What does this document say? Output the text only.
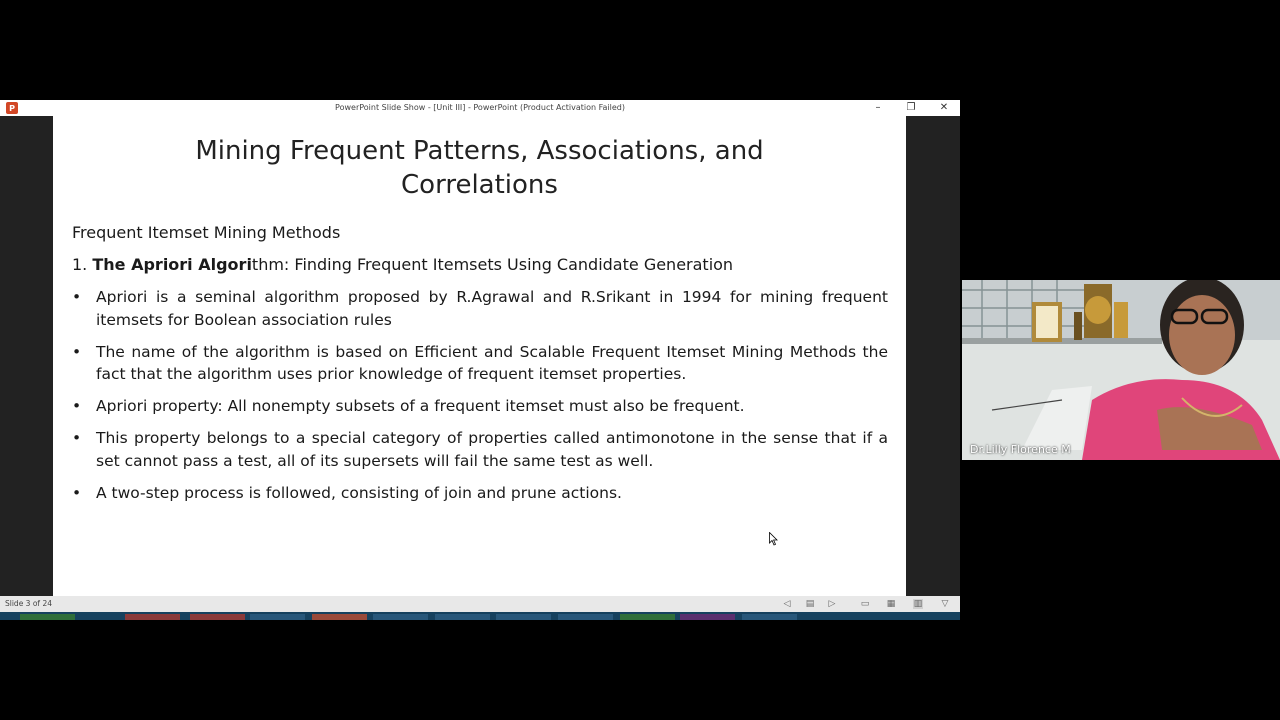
P	PowerPoint Slide Show - [Unit III] - PowerPoint (Product Activation Failed)	–	❐	✕
Mining Frequent Patterns, Associations, and
Correlations
Frequent Itemset Mining Methods
1. The Apriori Algorithm: Finding Frequent Itemsets Using Candidate Generation
• Apriori is a seminal algorithm proposed by R.Agrawal and R.Srikant in 1994 for mining frequent itemsets for Boolean association rules
• The name of the algorithm is based on Efficient and Scalable Frequent Itemset Mining Methods the fact that the algorithm uses prior knowledge of frequent itemset properties.
• Apriori property: All nonempty subsets of a frequent itemset must also be frequent.
• This property belongs to a special category of properties called antimonotone in the sense that if a set cannot pass a test, all of its supersets will fail the same test as well.
• A two-step process is followed, consisting of join and prune actions.
Slide 3 of 24	◁ ▤ ▷	▭ ▦ ▥ ▽
Dr.Lilly Florence M
